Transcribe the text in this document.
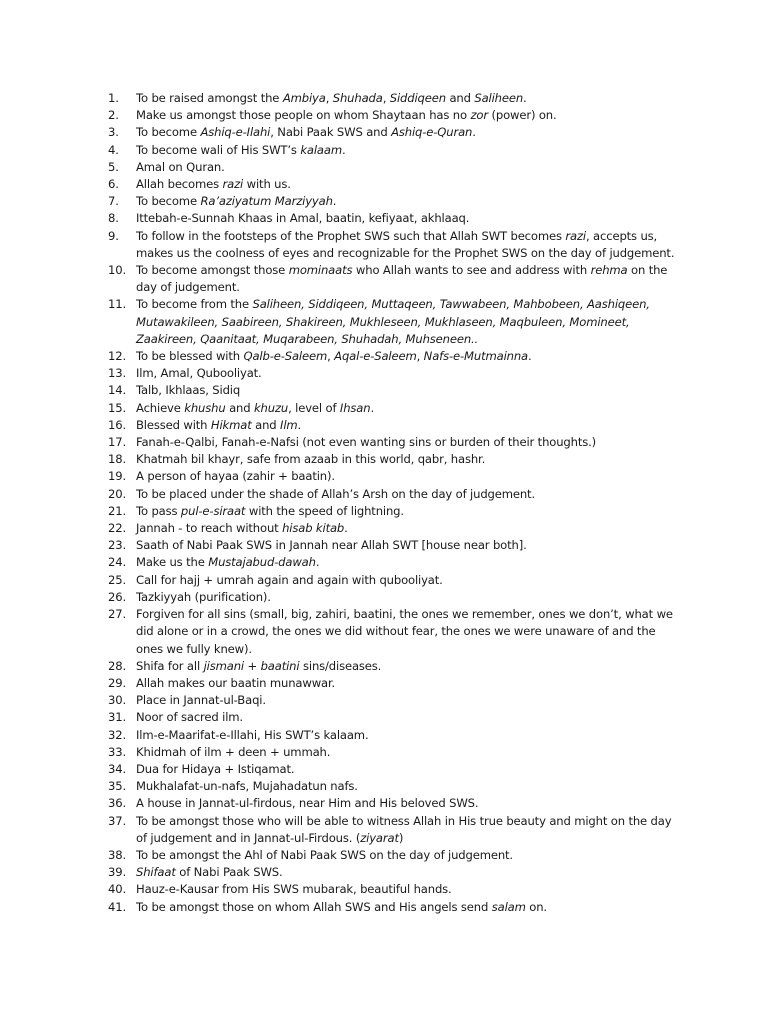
1.	To be raised amongst the Ambiya, Shuhada, Siddiqeen and Saliheen.
2.	Make us amongst those people on whom Shaytaan has no zor (power) on.
3.	To become Ashiq-e-Ilahi, Nabi Paak SWS and Ashiq-e-Quran.
4.	To become wali of His SWT’s kalaam.
5.	Amal on Quran.
6.	Allah becomes razi with us.
7.	To become Ra’aziyatum Marziyyah.
8.	Ittebah-e-Sunnah Khaas in Amal, baatin, kefiyaat, akhlaaq.
9.	To follow in the footsteps of the Prophet SWS such that Allah SWT becomes razi, accepts us, makes us the coolness of eyes and recognizable for the Prophet SWS on the day of judgement.
10. To become amongst those mominaats who Allah wants to see and address with rehma on the day of judgement.
11. To become from the Saliheen, Siddiqeen, Muttaqeen, Tawwabeen, Mahbobeen, Aashiqeen, Mutawakileen, Saabireen, Shakireen, Mukhleseen, Mukhlaseen, Maqbuleen, Momineet, Zaakireen, Qaanitaat, Muqarabeen, Shuhadah, Muhseneen..
12. To be blessed with Qalb-e-Saleem, Aqal-e-Saleem, Nafs-e-Mutmainna.
13. Ilm, Amal, Qubooliyat.
14. Talb, Ikhlaas, Sidiq
15. Achieve khushu and khuzu, level of Ihsan.
16. Blessed with Hikmat and Ilm.
17. Fanah-e-Qalbi, Fanah-e-Nafsi (not even wanting sins or burden of their thoughts.)
18. Khatmah bil khayr, safe from azaab in this world, qabr, hashr.
19. A person of hayaa (zahir + baatin).
20. To be placed under the shade of Allah’s Arsh on the day of judgement.
21. To pass pul-e-siraat with the speed of lightning.
22. Jannah - to reach without hisab kitab.
23. Saath of Nabi Paak SWS in Jannah near Allah SWT [house near both].
24. Make us the Mustajabud-dawah.
25. Call for hajj + umrah again and again with qubooliyat.
26. Tazkiyyah (purification).
27. Forgiven for all sins (small, big, zahiri, baatini, the ones we remember, ones we don’t, what we did alone or in a crowd, the ones we did without fear, the ones we were unaware of and the ones we fully knew).
28. Shifa for all jismani + baatini sins/diseases.
29. Allah makes our baatin munawwar.
30. Place in Jannat-ul-Baqi.
31. Noor of sacred ilm.
32. Ilm-e-Maarifat-e-Illahi, His SWT’s kalaam.
33. Khidmah of ilm + deen + ummah.
34. Dua for Hidaya + Istiqamat.
35. Mukhalafat-un-nafs, Mujahadatun nafs.
36. A house in Jannat-ul-firdous, near Him and His beloved SWS.
37. To be amongst those who will be able to witness Allah in His true beauty and might on the day of judgement and in Jannat-ul-Firdous. (ziyarat)
38. To be amongst the Ahl of Nabi Paak SWS on the day of judgement.
39. Shifaat of Nabi Paak SWS.
40. Hauz-e-Kausar from His SWS mubarak, beautiful hands.
41. To be amongst those on whom Allah SWS and His angels send salam on.
